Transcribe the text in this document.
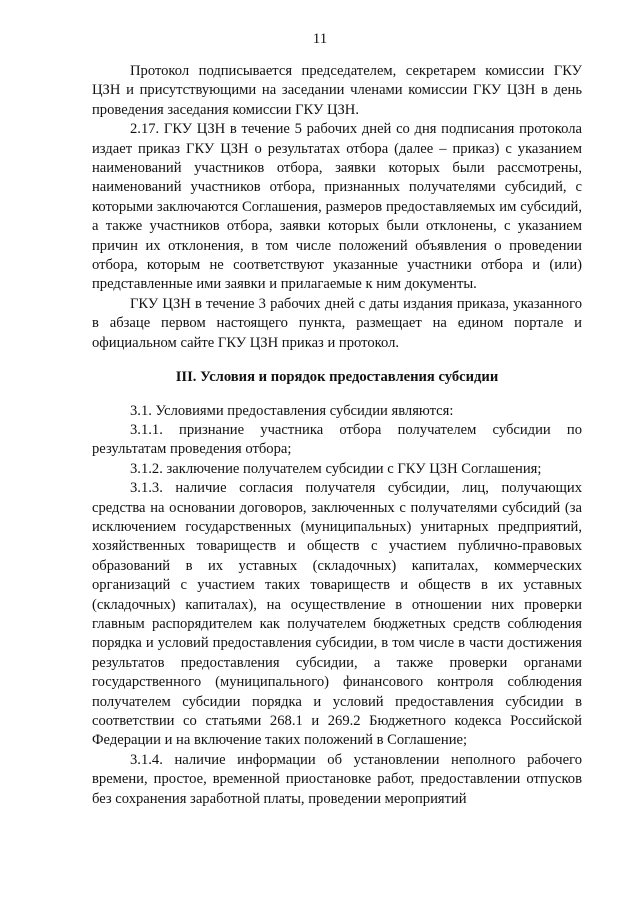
11

Протокол подписывается председателем, секретарем комиссии ГКУ ЦЗН и присутствующими на заседании членами комиссии ГКУ ЦЗН в день проведения заседания комиссии ГКУ ЦЗН.

2.17. ГКУ ЦЗН в течение 5 рабочих дней со дня подписания протокола издает приказ ГКУ ЦЗН о результатах отбора (далее – приказ) с указанием наименований участников отбора, заявки которых были рассмотрены, наименований участников отбора, признанных получателями субсидий, с которыми заключаются Соглашения, размеров предоставляемых им субсидий, а также участников отбора, заявки которых были отклонены, с указанием причин их отклонения, в том числе положений объявления о проведении отбора, которым не соответствуют указанные участники отбора и (или) представленные ими заявки и прилагаемые к ним документы.

ГКУ ЦЗН в течение 3 рабочих дней с даты издания приказа, указанного в абзаце первом настоящего пункта, размещает на едином портале и официальном сайте ГКУ ЦЗН приказ и протокол.

III. Условия и порядок предоставления субсидии

3.1. Условиями предоставления субсидии являются:

3.1.1. признание участника отбора получателем субсидии по результатам проведения отбора;

3.1.2. заключение получателем субсидии с ГКУ ЦЗН Соглашения;

3.1.3. наличие согласия получателя субсидии, лиц, получающих средства на основании договоров, заключенных с получателями субсидий (за исключением государственных (муниципальных) унитарных предприятий, хозяйственных товариществ и обществ с участием публично-правовых образований в их уставных (складочных) капиталах, коммерческих организаций с участием таких товариществ и обществ в их уставных (складочных) капиталах), на осуществление в отношении них проверки главным распорядителем как получателем бюджетных средств соблюдения порядка и условий предоставления субсидии, в том числе в части достижения результатов предоставления субсидии, а также проверки органами государственного (муниципального) финансового контроля соблюдения получателем субсидии порядка и условий предоставления субсидии в соответствии со статьями 268.1 и 269.2 Бюджетного кодекса Российской Федерации и на включение таких положений в Соглашение;

3.1.4. наличие информации об установлении неполного рабочего времени, простое, временной приостановке работ, предоставлении отпусков без сохранения заработной платы, проведении мероприятий
